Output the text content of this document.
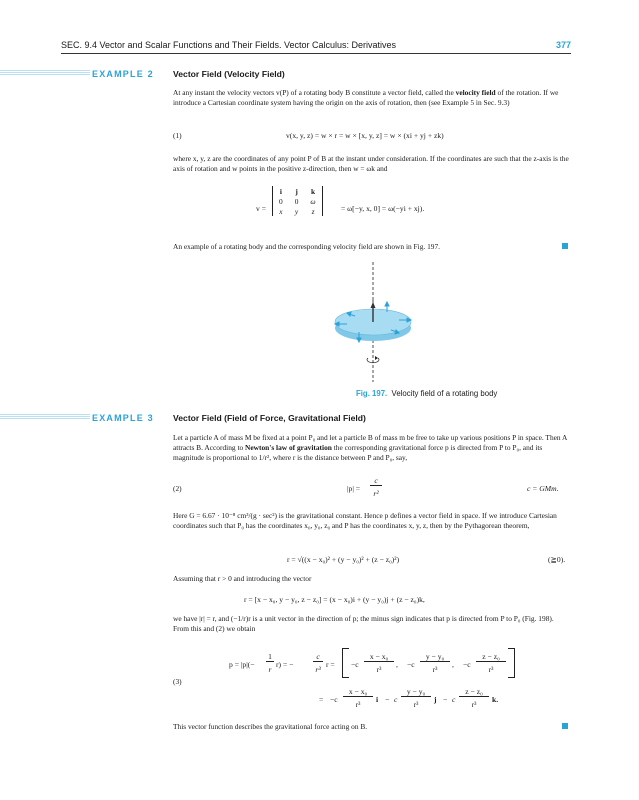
SEC. 9.4 Vector and Scalar Functions and Their Fields. Vector Calculus: Derivatives	377
EXAMPLE 2 Vector Field (Velocity Field)
At any instant the velocity vectors v(P) of a rotating body B constitute a vector field, called the velocity field of the rotation. If we introduce a Cartesian coordinate system having the origin on the axis of rotation, then (see Example 5 in Sec. 9.3)
(1)	v(x, y, z) = w × r = w × [x, y, z] = w × (xi + yj + zk)
where x, y, z are the coordinates of any point P of B at the instant under consideration. If the coordinates are such that the z-axis is the axis of rotation and w points in the positive z-direction, then w = ωk and
v =
i	j	k
0	0	ω
x	y	z	= ω[−y, x, 0] = ω(−yi + xj).
An example of a rotating body and the corresponding velocity field are shown in Fig. 197.
Fig. 197. Velocity field of a rotating body
EXAMPLE 3 Vector Field (Field of Force, Gravitational Field)
Let a particle A of mass M be fixed at a point P₀ and let a particle B of mass m be free to take up various positions P in space. Then A attracts B. According to Newton's law of gravitation the corresponding gravitational force p is directed from P to P₀, and its magnitude is proportional to 1/r², where r is the distance between P and P₀, say,
(2)	|p| =
c
r²
c = GMm.
Here G = 6.67 · 10⁻⁸ cm³/(g · sec²) is the gravitational constant. Hence p defines a vector field in space. If we introduce Cartesian coordinates such that P₀ has the coordinates x₀, y₀, z₀ and P has the coordinates x, y, z, then by the Pythagorean theorem,
r = √((x − x₀)² + (y − y₀)² + (z − z₀)²)	(≧0).
Assuming that r > 0 and introducing the vector
r = [x − x₀, y − y₀, z − z₀] = (x − x₀)i + (y − y₀)j + (z − z₀)k,
we have |r| = r, and (−1/r)r is a unit vector in the direction of p; the minus sign indicates that p is directed from P to P₀ (Fig. 198). From this and (2) we obtain
(3)
p = |p|(−
1
r
r) = −
c
r³
r = −c
x − x₀
r³
, −c
y − y₀
r³
, −c
z − z₀
r³
= −c
x − x₀
r³
i − c
y − y₀
r³
j − c
z − z₀
r³
k.
This vector function describes the gravitational force acting on B.
